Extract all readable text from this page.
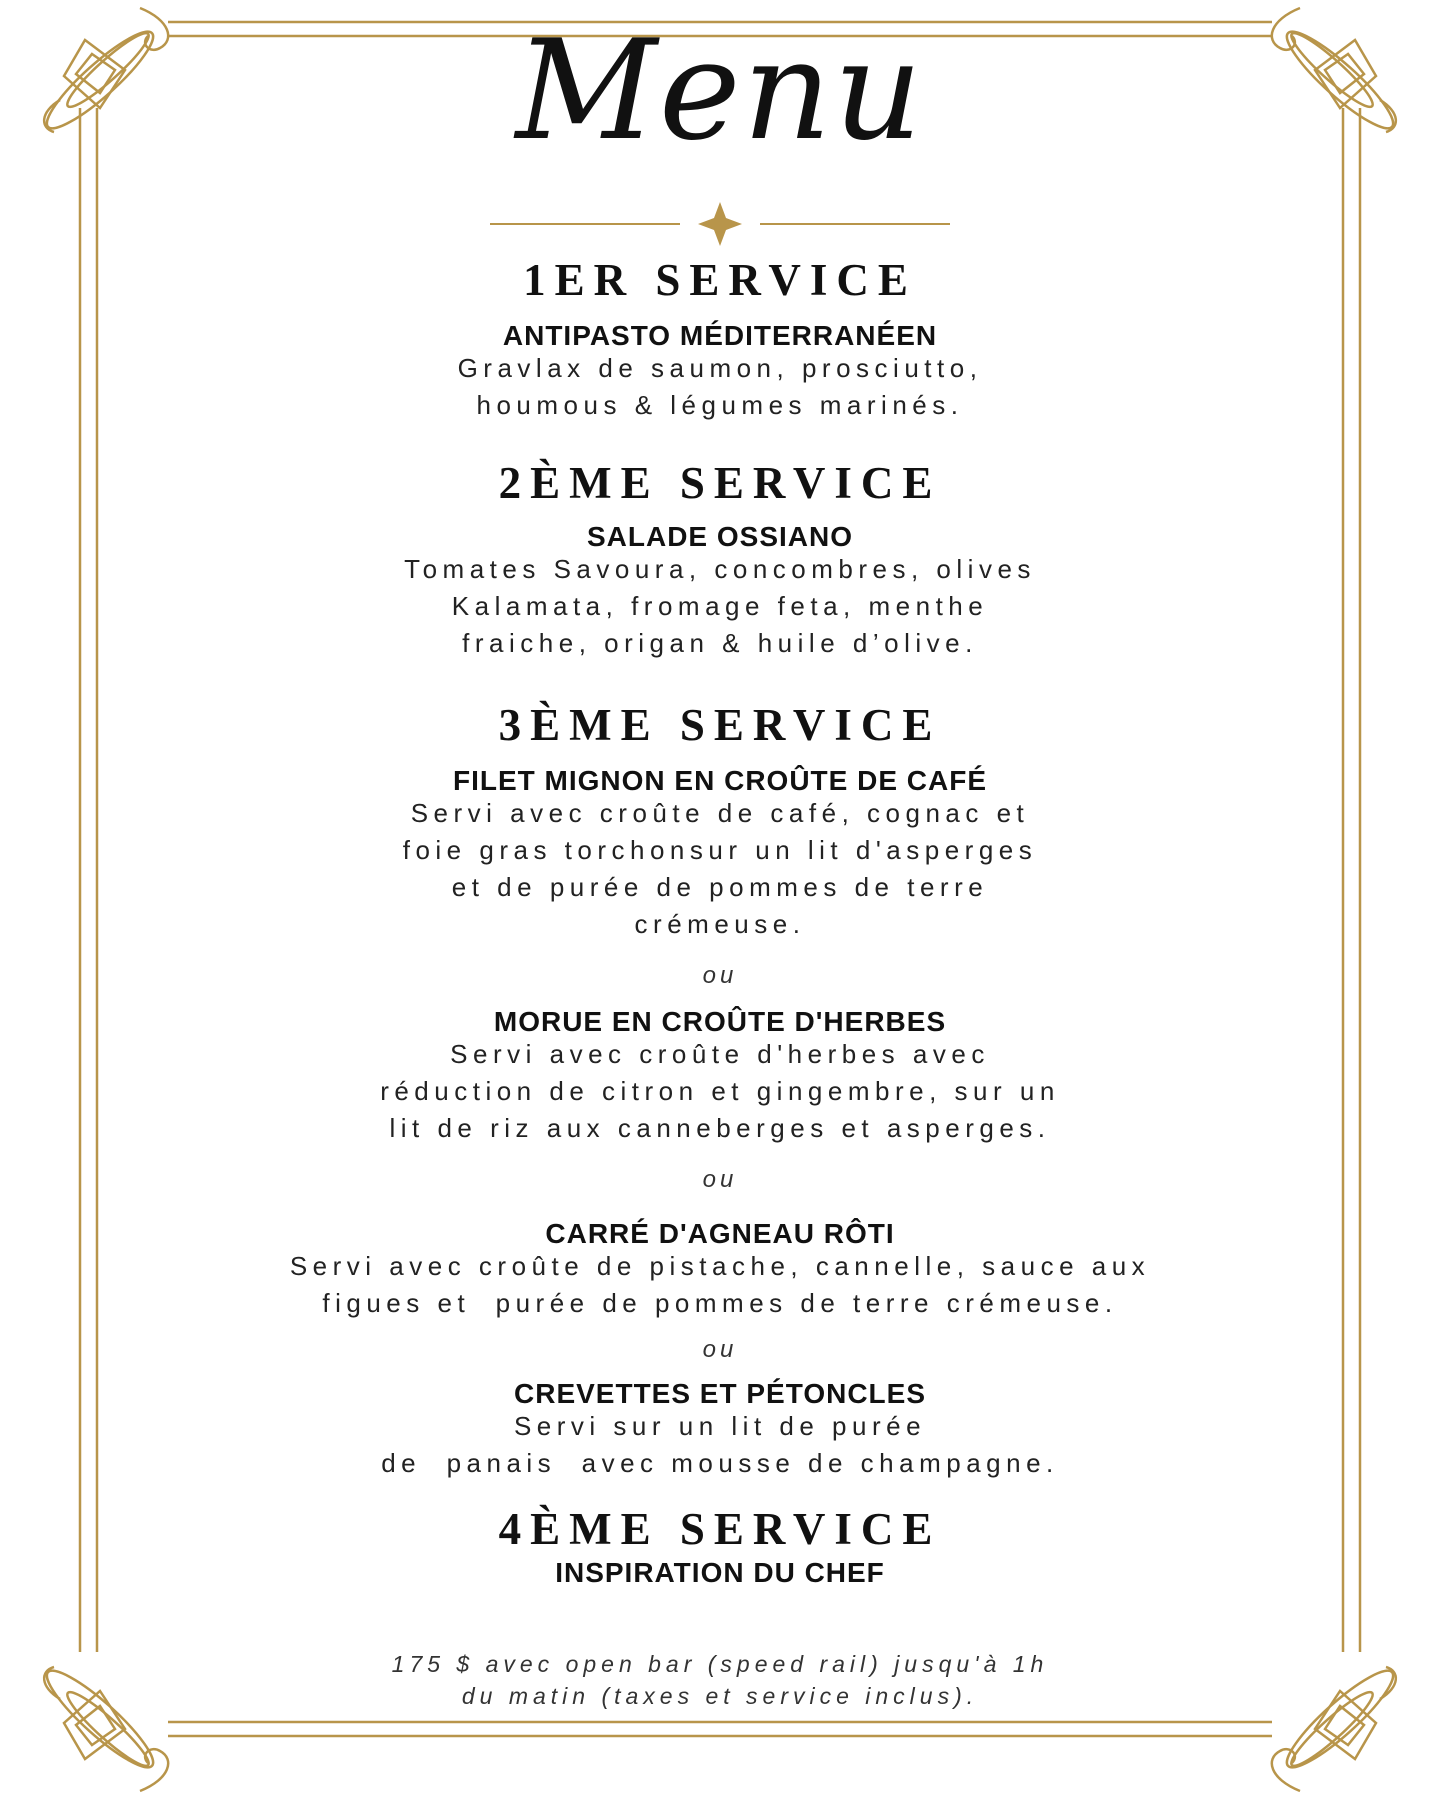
Menu
1ER SERVICE
ANTIPASTO MÉDITERRANÉEN
Gravlax de saumon, prosciutto,
houmous & légumes marinés.
2ÈME SERVICE
SALADE OSSIANO
Tomates Savoura, concombres, olives
Kalamata, fromage feta, menthe
fraiche, origan & huile d’olive.
3ÈME SERVICE
FILET MIGNON EN CROÛTE DE CAFÉ
Servi avec croûte de café, cognac et
foie gras torchonsur un lit d'asperges
et de purée de pommes de terre
crémeuse.
ou
MORUE EN CROÛTE D'HERBES
Servi avec croûte d'herbes avec
réduction de citron et gingembre, sur un
lit de riz aux canneberges et asperges.
ou
CARRÉ D'AGNEAU RÔTI
Servi avec croûte de pistache, cannelle, sauce aux
figues et  purée de pommes de terre crémeuse.
ou
CREVETTES ET PÉTONCLES
Servi sur un lit de purée
de  panais  avec mousse de champagne.
4ÈME SERVICE
INSPIRATION DU CHEF
175 $ avec open bar (speed rail) jusqu'à 1h
du matin (taxes et service inclus).
